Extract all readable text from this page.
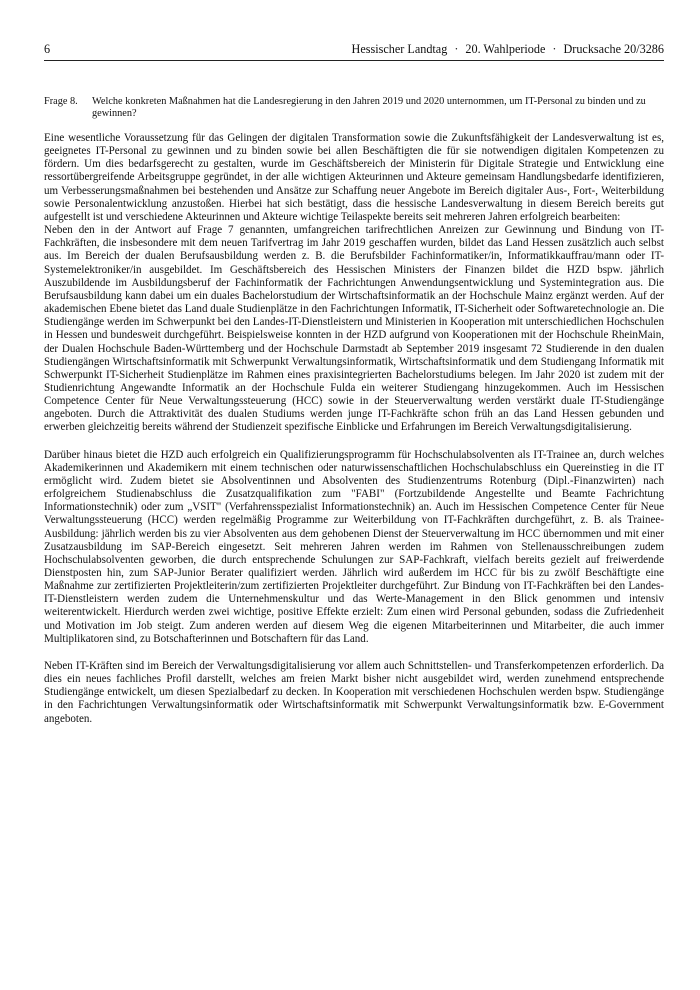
6	Hessischer Landtag · 20. Wahlperiode · Drucksache 20/3286
Frage 8. Welche konkreten Maßnahmen hat die Landesregierung in den Jahren 2019 und 2020 unternommen, um IT-Personal zu binden und zu gewinnen?

Eine wesentliche Voraussetzung für das Gelingen der digitalen Transformation sowie die Zukunftsfähigkeit der Landesverwaltung ist es, geeignetes IT-Personal zu gewinnen und zu binden sowie bei allen Beschäftigten die für sie notwendigen digitalen Kompetenzen zu fördern. Um dies bedarfsgerecht zu gestalten, wurde im Geschäftsbereich der Ministerin für Digitale Strategie und Entwicklung eine ressortübergreifende Arbeitsgruppe gegründet, in der alle wichtigen Akteurinnen und Akteure gemeinsam Handlungsbedarfe identifizieren, um Verbesserungsmaßnahmen bei bestehenden und Ansätze zur Schaffung neuer Angebote im Bereich digitaler Aus-, Fort-, Weiterbildung sowie Personalentwicklung anzustoßen. Hierbei hat sich bestätigt, dass die hessische Landesverwaltung in diesem Bereich bereits gut aufgestellt ist und verschiedene Akteurinnen und Akteure wichtige Teilaspekte bereits seit mehreren Jahren erfolgreich bearbeiten:

Neben den in der Antwort auf Frage 7 genannten, umfangreichen tarifrechtlichen Anreizen zur Gewinnung und Bindung von IT-Fachkräften, die insbesondere mit dem neuen Tarifvertrag im Jahr 2019 geschaffen wurden, bildet das Land Hessen zusätzlich auch selbst aus. Im Bereich der dualen Berufsausbildung werden z. B. die Berufsbilder Fachinformatiker/in, Informatikkauffrau/mann oder IT-Systemelektroniker/in ausgebildet. Im Geschäftsbereich des Hessischen Ministers der Finanzen bildet die HZD bspw. jährlich Auszubildende im Ausbildungsberuf der Fachinformatik der Fachrichtungen Anwendungsentwicklung und Systemintegration aus. Die Berufsausbildung kann dabei um ein duales Bachelorstudium der Wirtschaftsinformatik an der Hochschule Mainz ergänzt werden. Auf der akademischen Ebene bietet das Land duale Studienplätze in den Fachrichtungen Informatik, IT-Sicherheit oder Softwaretechnologie an. Die Studiengänge werden im Schwerpunkt bei den Landes-IT-Dienstleistern und Ministerien in Kooperation mit unterschiedlichen Hochschulen in Hessen und bundesweit durchgeführt. Beispielsweise konnten in der HZD aufgrund von Kooperationen mit der Hochschule RheinMain, der Dualen Hochschule Baden-Württemberg und der Hochschule Darmstadt ab September 2019 insgesamt 72 Studierende in den dualen Studiengängen Wirtschaftsinformatik mit Schwerpunkt Verwaltungsinformatik, Wirtschaftsinformatik und dem Studiengang Informatik mit Schwerpunkt IT-Sicherheit Studienplätze im Rahmen eines praxisintegrierten Bachelorstudiums belegen. Im Jahr 2020 ist zudem mit der Studienrichtung Angewandte Informatik an der Hochschule Fulda ein weiterer Studiengang hinzugekommen. Auch im Hessischen Competence Center für Neue Verwaltungssteuerung (HCC) sowie in der Steuerverwaltung werden verstärkt duale IT-Studiengänge angeboten. Durch die Attraktivität des dualen Studiums werden junge IT-Fachkräfte schon früh an das Land Hessen gebunden und erwerben gleichzeitig bereits während der Studienzeit spezifische Einblicke und Erfahrungen im Bereich Verwaltungsdigitalisierung.

Darüber hinaus bietet die HZD auch erfolgreich ein Qualifizierungsprogramm für Hochschulabsolventen als IT-Trainee an, durch welches Akademikerinnen und Akademikern mit einem technischen oder naturwissenschaftlichen Hochschulabschluss ein Quereinstieg in die IT ermöglicht wird. Zudem bietet sie Absolventinnen und Absolventen des Studienzentrums Rotenburg (Dipl.-Finanzwirten) nach erfolgreichem Studienabschluss die Zusatzqualifikation zum "FABI" (Fortzubildende Angestellte und Beamte Fachrichtung Informationstechnik) oder zum „VSIT" (Verfahrensspezialist Informationstechnik) an. Auch im Hessischen Competence Center für Neue Verwaltungssteuerung (HCC) werden regelmäßig Programme zur Weiterbildung von IT-Fachkräften durchgeführt, z. B. als Trainee-Ausbildung: jährlich werden bis zu vier Absolventen aus dem gehobenen Dienst der Steuerverwaltung im HCC übernommen und mit einer Zusatzausbildung im SAP-Bereich eingesetzt. Seit mehreren Jahren werden im Rahmen von Stellenausschreibungen zudem Hochschulabsolventen geworben, die durch entsprechende Schulungen zur SAP-Fachkraft, vielfach bereits gezielt auf freiwerdende Dienstposten hin, zum SAP-Junior Berater qualifiziert werden. Jährlich wird außerdem im HCC für bis zu zwölf Beschäftigte eine Maßnahme zur zertifizierten Projektleiterin/zum zertifizierten Projektleiter durchgeführt. Zur Bindung von IT-Fachkräften bei den Landes-IT-Dienstleistern werden zudem die Unternehmenskultur und das Werte-Management in den Blick genommen und intensiv weiterentwickelt. Hierdurch werden zwei wichtige, positive Effekte erzielt: Zum einen wird Personal gebunden, sodass die Zufriedenheit und Motivation im Job steigt. Zum anderen werden auf diesem Weg die eigenen Mitarbeiterinnen und Mitarbeiter, die auch immer Multiplikatoren sind, zu Botschafterinnen und Botschaftern für das Land.

Neben IT-Kräften sind im Bereich der Verwaltungsdigitalisierung vor allem auch Schnittstellen- und Transferkompetenzen erforderlich. Da dies ein neues fachliches Profil darstellt, welches am freien Markt bisher nicht ausgebildet wird, werden zunehmend entsprechende Studiengänge entwickelt, um diesen Spezialbedarf zu decken. In Kooperation mit verschiedenen Hochschulen werden bspw. Studiengänge in den Fachrichtungen Verwaltungsinformatik oder Wirtschaftsinformatik mit Schwerpunkt Verwaltungsinformatik bzw. E-Government angeboten.
